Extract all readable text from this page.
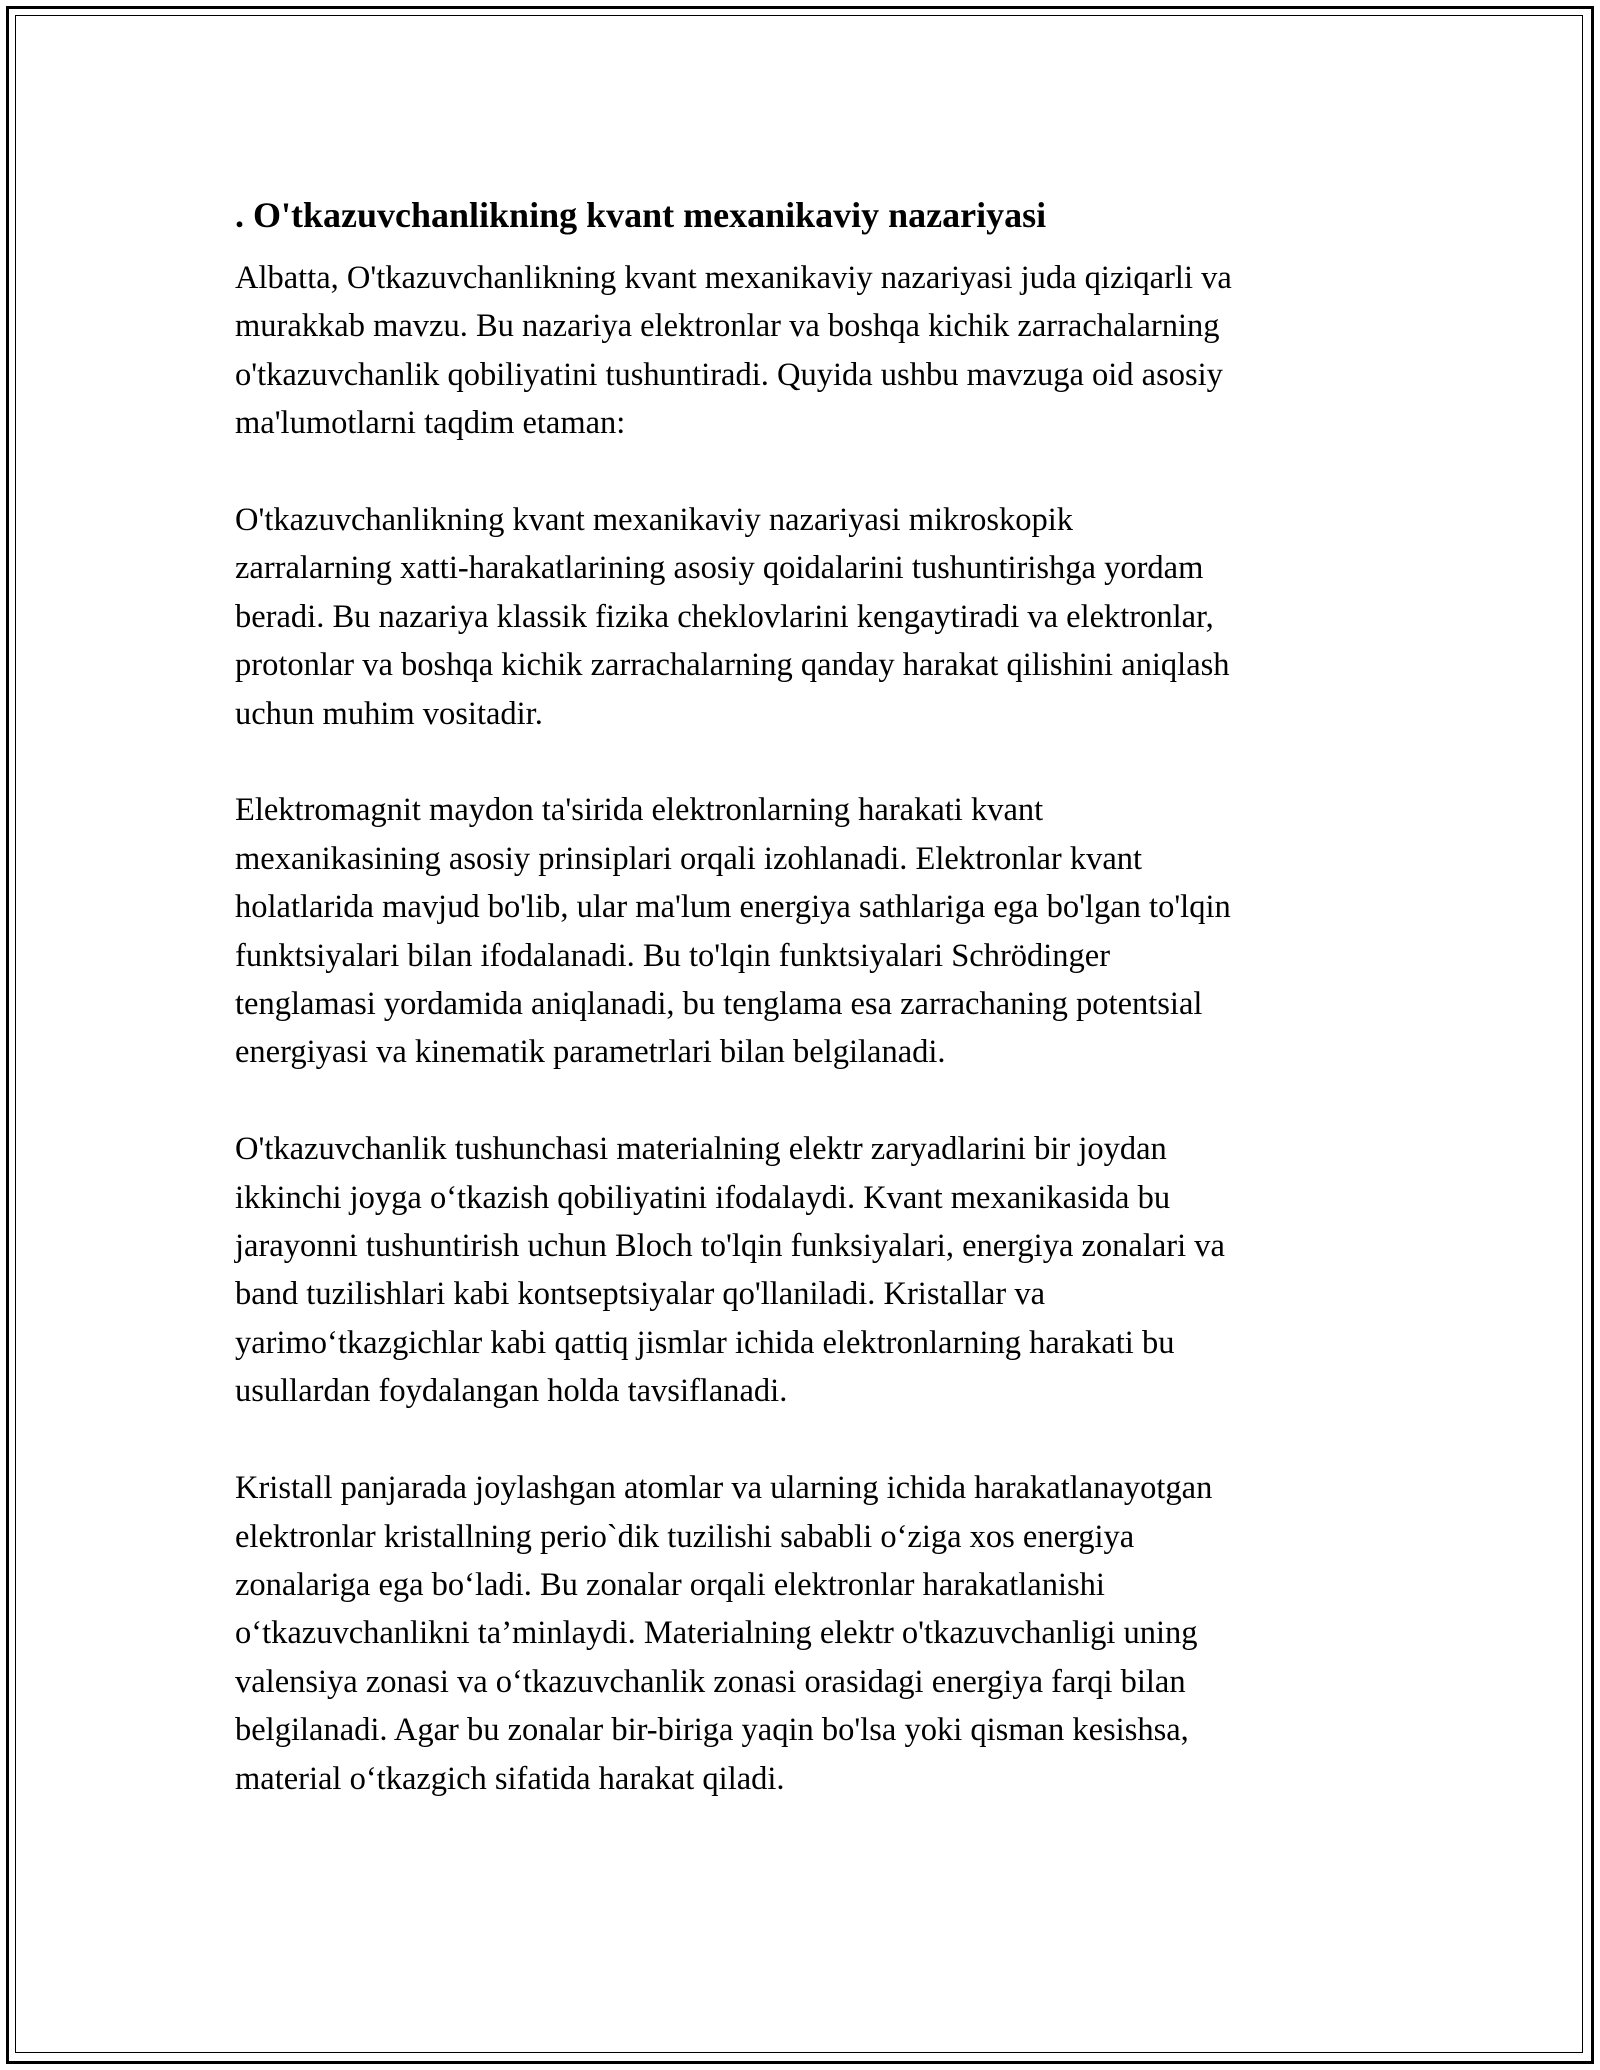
. O'tkazuvchanlikning kvant mexanikaviy nazariyasi
Albatta, O'tkazuvchanlikning kvant mexanikaviy nazariyasi juda qiziqarli va
murakkab mavzu. Bu nazariya elektronlar va boshqa kichik zarrachalarning
o'tkazuvchanlik qobiliyatini tushuntiradi. Quyida ushbu mavzuga oid asosiy
ma'lumotlarni taqdim etaman:
O'tkazuvchanlikning kvant mexanikaviy nazariyasi mikroskopik
zarralarning xatti-harakatlarining asosiy qoidalarini tushuntirishga yordam
beradi. Bu nazariya klassik fizika cheklovlarini kengaytiradi va elektronlar,
protonlar va boshqa kichik zarrachalarning qanday harakat qilishini aniqlash
uchun muhim vositadir.
Elektromagnit maydon ta'sirida elektronlarning harakati kvant
mexanikasining asosiy prinsiplari orqali izohlanadi. Elektronlar kvant
holatlarida mavjud bo'lib, ular ma'lum energiya sathlariga ega bo'lgan to'lqin
funktsiyalari bilan ifodalanadi. Bu to'lqin funktsiyalari Schrödinger
tenglamasi yordamida aniqlanadi, bu tenglama esa zarrachaning potentsial
energiyasi va kinematik parametrlari bilan belgilanadi.
O'tkazuvchanlik tushunchasi materialning elektr zaryadlarini bir joydan
ikkinchi joyga o‘tkazish qobiliyatini ifodalaydi. Kvant mexanikasida bu
jarayonni tushuntirish uchun Bloch to'lqin funksiyalari, energiya zonalari va
band tuzilishlari kabi kontseptsiyalar qo'llaniladi. Kristallar va
yarimo‘tkazgichlar kabi qattiq jismlar ichida elektronlarning harakati bu
usullardan foydalangan holda tavsiflanadi.
Kristall panjarada joylashgan atomlar va ularning ichida harakatlanayotgan
elektronlar kristallning perio`dik tuzilishi sababli o‘ziga xos energiya
zonalariga ega bo‘ladi. Bu zonalar orqali elektronlar harakatlanishi
o‘tkazuvchanlikni ta’minlaydi. Materialning elektr o'tkazuvchanligi uning
valensiya zonasi va o‘tkazuvchanlik zonasi orasidagi energiya farqi bilan
belgilanadi. Agar bu zonalar bir-biriga yaqin bo'lsa yoki qisman kesishsa,
material o‘tkazgich sifatida harakat qiladi.
